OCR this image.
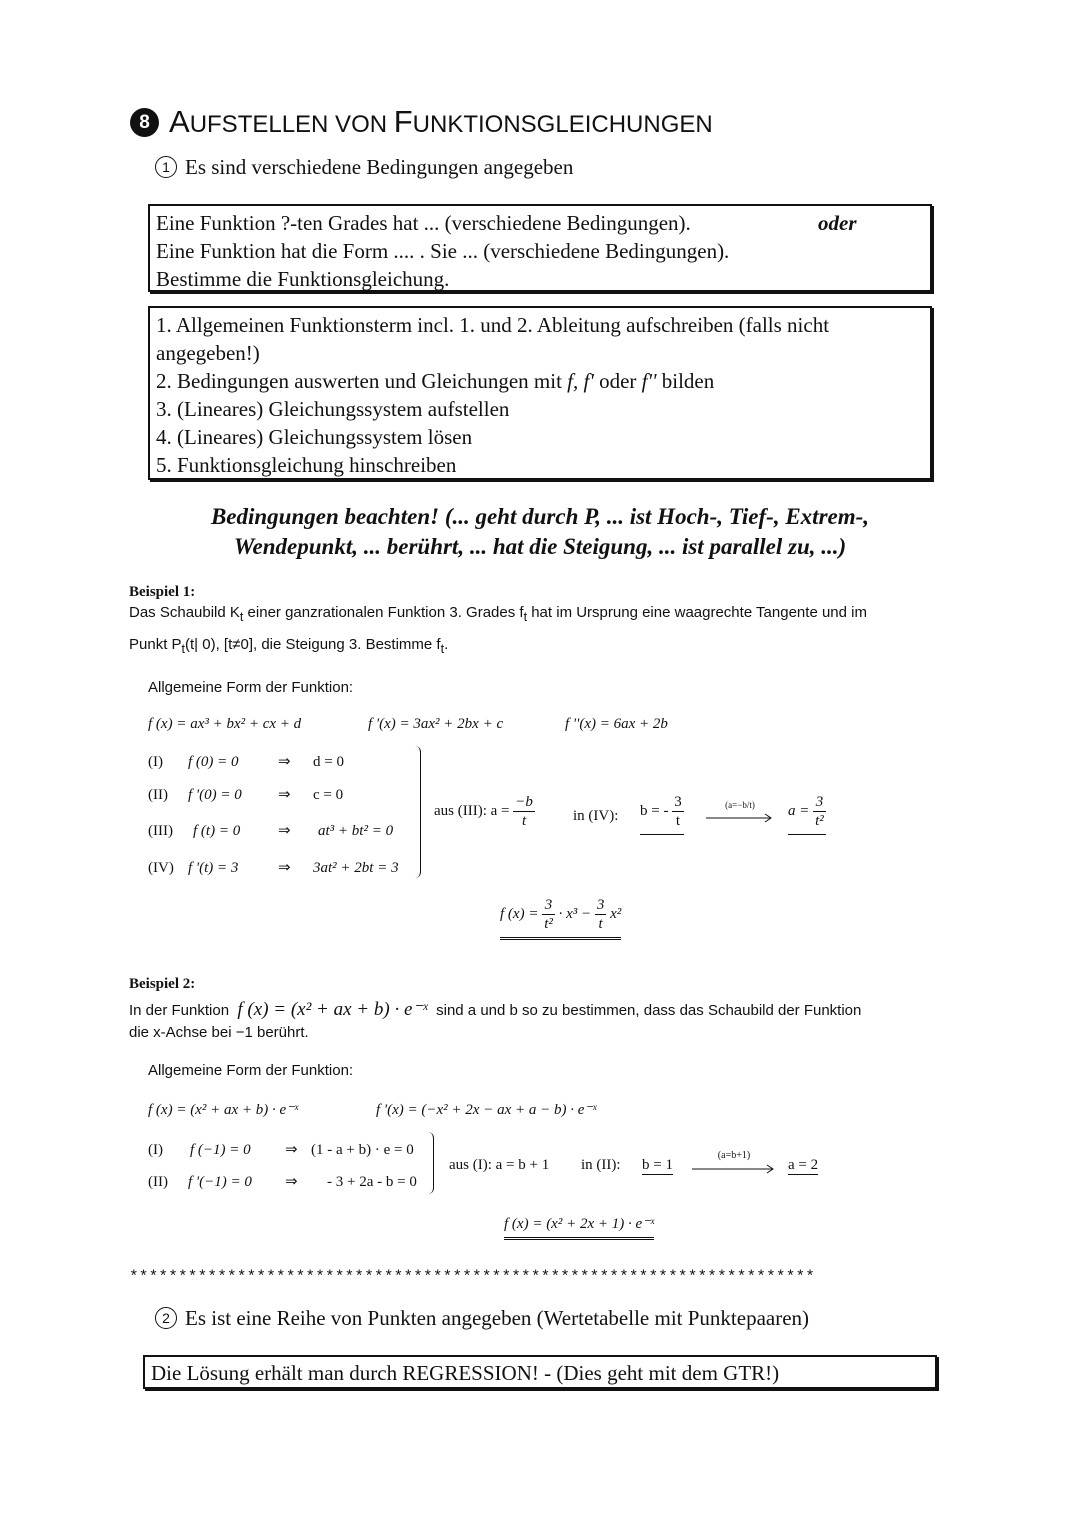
8 AUFSTELLEN VON FUNKTIONSGLEICHUNGEN
1 Es sind verschiedene Bedingungen angegeben
Eine Funktion ?-ten Grades hat ... (verschiedene Bedingungen).	oder
Eine Funktion hat die Form .... . Sie ... (verschiedene Bedingungen).
Bestimme die Funktionsgleichung.
1. Allgemeinen Funktionsterm incl. 1. und 2. Ableitung aufschreiben (falls nicht
angegeben!)
2. Bedingungen auswerten und Gleichungen mit f, f' oder f'' bilden
3. (Lineares) Gleichungssystem aufstellen
4. (Lineares) Gleichungssystem lösen
5. Funktionsgleichung hinschreiben
Bedingungen beachten! (... geht durch P, ... ist Hoch-, Tief-, Extrem-,
Wendepunkt, ... berührt, ... hat die Steigung, ... ist parallel zu, ...)
Beispiel 1:
Das Schaubild $K_t$ einer ganzrationalen Funktion 3. Grades $f_t$ hat im Ursprung eine waagrechte Tangente und im
Punkt $P_t(t|$ 0), [t≠0], die Steigung 3. Bestimme $f_t$.
Allgemeine Form der Funktion:
f (x) = ax³ + bx² + cx + d	f '(x) = 3ax² + 2bx + c	f ''(x) = 6ax + 2b
(I) f (0) = 0	⇒ d = 0
(II) f '(0) = 0 ⇒ c = 0
(III) f (t) = 0	⇒ at³ + bt² = 0
(IV) f '(t) = 3	⇒ 3at² + 2bt = 3
aus (III): $a = \frac{-b}{t}$	in (IV): b = - $\frac{3}{t}$	(a=−b/t)	$a = \frac{3}{\text{t²}}$
f $(x) = \frac{3}{\text{t²}} \cdot x^3 - \frac{3}{t} x^2$
Beispiel 2:
In der Funktion f (x) = (x² + ax + b) · e⁻ˣ sind a und b so zu bestimmen, dass das Schaubild der Funktion
die x-Achse bei −1 berührt.
Allgemeine Form der Funktion:
f (x) = (x² + ax + b) · e⁻ˣ	f '(x) = (−x² + 2x − ax + a − b) · e⁻ˣ
(I) f (−1) = 0 ⇒ (1 - a + b) · e = 0
(II) f '(−1) = 0 ⇒ - 3 + 2a - b = 0
aus (I): a = b + 1 in (II): b = 1
(a=b+1)
a = 2
f (x) = (x² + 2x + 1) · e⁻ˣ
**********************************************************************
2 Es ist eine Reihe von Punkten angegeben (Wertetabelle mit Punktepaaren)
Die Lösung erhält man durch REGRESSION! - (Dies geht mit dem GTR!)
